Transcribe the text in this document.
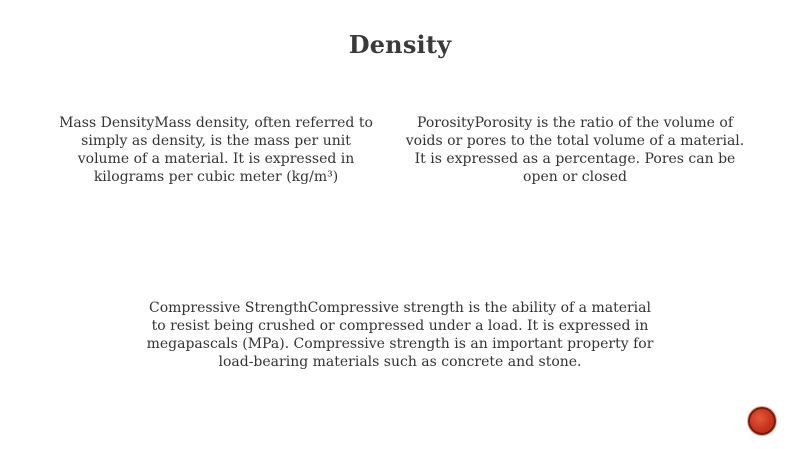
Density
Mass DensityMass density, often referred to simply as density, is the mass per unit volume of a material. It is expressed in kilograms per cubic meter (kg/m³)
PorosityPorosity is the ratio of the volume of voids or pores to the total volume of a material. It is expressed as a percentage. Pores can be open or closed
Compressive StrengthCompressive strength is the ability of a material to resist being crushed or compressed under a load. It is expressed in megapascals (MPa). Compressive strength is an important property for load-bearing materials such as concrete and stone.
